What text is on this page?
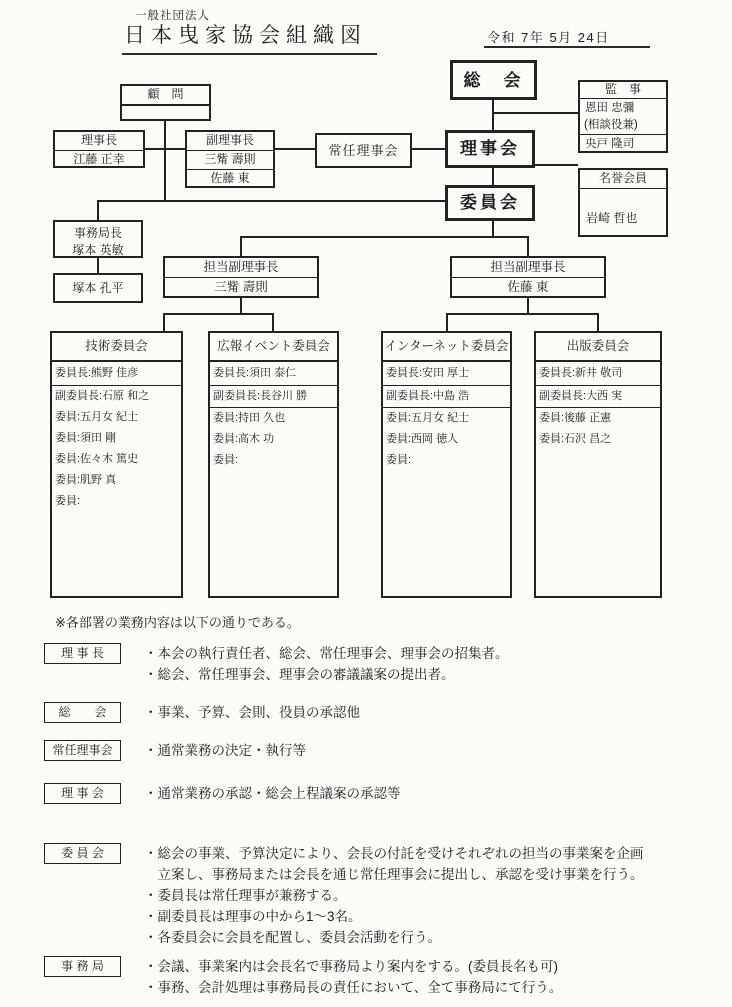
一般社団法人
日本曳家協会組織図	令和 7年 5月 24日
顧　問
総　会	監　事
恩田 忠彌
(相談役兼)
央戸 隆司
理事長
江藤 正幸
副理事長
三觜 壽則
佐藤 東
常任理事会	理事会
委員会
名誉会員
岩崎 哲也
事務局長
塚本 英敏
塚本 孔平
担当副理事長
三觜 壽則
担当副理事長
佐藤 東
技術委員会
委員長:熊野 佳彦
副委員長:石原 和之
委員:五月女 紀士
委員:須田 剛
委員:佐々木 篤史
委員:肌野 真
委員:
広報イベント委員会
委員長:須田 泰仁
副委員長:長谷川 勝
委員:持田 久也
委員:高木 功
委員:
インターネット委員会
委員長:安田 厚士
副委員長:中島 浩
委員:五月女 紀士
委員:西岡 徳人
委員:
出版委員会
委員長:新井 敬司
副委員長:大西 実
委員:後藤 正憲
委員:石沢 昌之
※各部署の業務内容は以下の通りである。
理 事 長	・本会の執行責任者、総会、常任理事会、理事会の招集者。
・総会、常任理事会、理事会の審議議案の提出者。
総　　会	・事業、予算、会則、役員の承認他
常任理事会	・通常業務の決定・執行等
理 事 会	・通常業務の承認・総会上程議案の承認等
委 員 会	・総会の事業、予算決定により、会長の付託を受けそれぞれの担当の事業案を企画
　立案し、事務局または会長を通じ常任理事会に提出し、承認を受け事業を行う。
・委員長は常任理事が兼務する。
・副委員長は理事の中から1～3名。
・各委員会に会員を配置し、委員会活動を行う。
事 務 局	・会議、事業案内は会長名で事務局より案内をする。(委員長名も可)
・事務、会計処理は事務局長の責任において、全て事務局にて行う。
